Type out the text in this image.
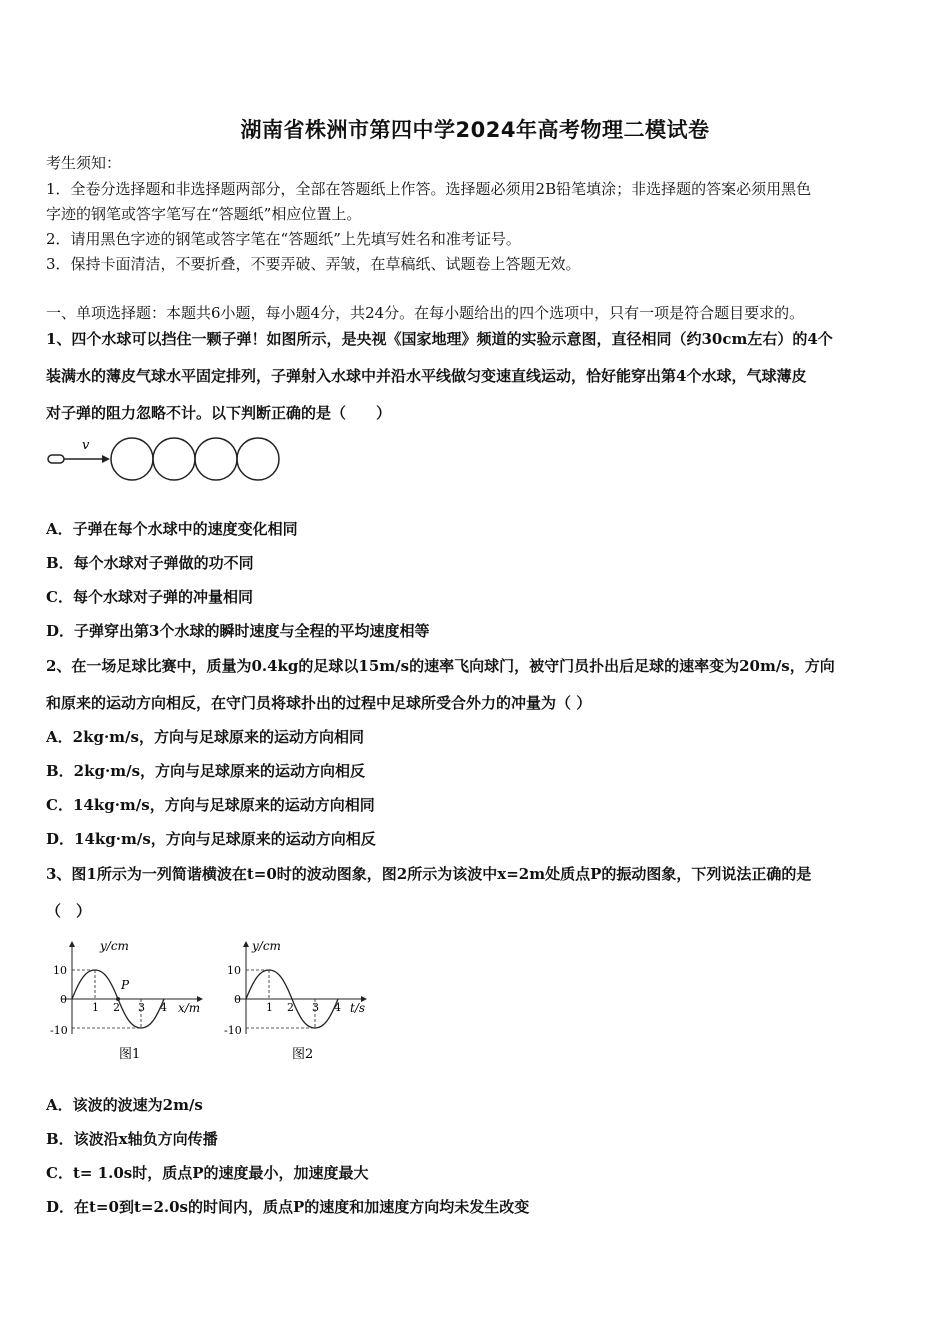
湖南省株洲市第四中学2024年高考物理二模试卷
考生须知：
1．全卷分选择题和非选择题两部分，全部在答题纸上作答。选择题必须用2B铅笔填涂；非选择题的答案必须用黑色
字迹的钢笔或答字笔写在“答题纸”相应位置上。
2．请用黑色字迹的钢笔或答字笔在“答题纸”上先填写姓名和准考证号。
3．保持卡面清洁，不要折叠，不要弄破、弄皱，在草稿纸、试题卷上答题无效。
一、单项选择题：本题共6小题，每小题4分，共24分。在每小题给出的四个选项中，只有一项是符合题目要求的。
1、四个水球可以挡住一颗子弹！如图所示，是央视《国家地理》频道的实验示意图，直径相同（约30cm左右）的4个
装满水的薄皮气球水平固定排列，子弹射入水球中并沿水平线做匀变速直线运动，恰好能穿出第4个水球，气球薄皮
对子弹的阻力忽略不计。以下判断正确的是（　　）
v
A．子弹在每个水球中的速度变化相同
B．每个水球对子弹做的功不同
C．每个水球对子弹的冲量相同
D．子弹穿出第3个水球的瞬时速度与全程的平均速度相等
2、在一场足球比赛中，质量为0.4kg的足球以15m/s的速率飞向球门，被守门员扑出后足球的速率变为20m/s，方向
和原来的运动方向相反，在守门员将球扑出的过程中足球所受合外力的冲量为（ ）
A．2kg·m/s，方向与足球原来的运动方向相同
B．2kg·m/s，方向与足球原来的运动方向相反
C．14kg·m/s，方向与足球原来的运动方向相同
D．14kg·m/s，方向与足球原来的运动方向相反
3、图1所示为一列简谐横波在t=0时的波动图象，图2所示为该波中x=2m处质点P的振动图象，下列说法正确的是
（　）
y/cm
x/m
10
0
-10
1 2 3 4
P
图1
y/cm
t/s
10
0
-10
1 2 3 4
图2
A．该波的波速为2m/s
B．该波沿x轴负方向传播
C．t= 1.0s时，质点P的速度最小，加速度最大
D．在t=0到t=2.0s的时间内，质点P的速度和加速度方向均未发生改变
